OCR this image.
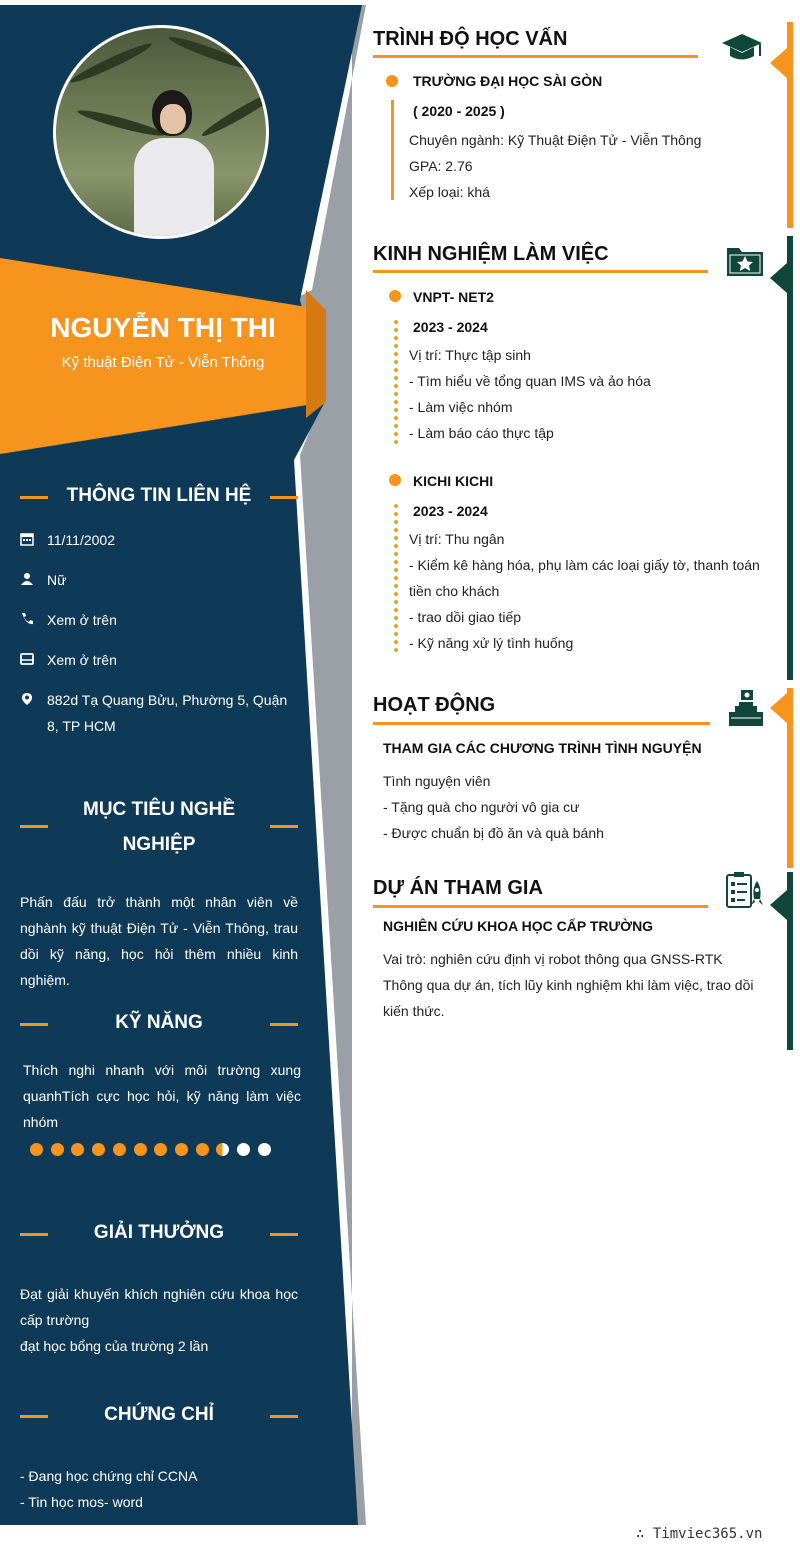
NGUYỄN THỊ THI
Kỹ thuật Điện Tử - Viễn Thông
THÔNG TIN LIÊN HỆ
11/11/2002
Nữ
Xem ở trên
Xem ở trên
882d Tạ Quang Bửu, Phường 5, Quận 8, TP HCM
MỤC TIÊU NGHỀ
NGHIỆP
Phấn đấu trở thành một nhân viên về nghành kỹ thuật Điện Tử - Viễn Thông, trau dồi kỹ năng, học hỏi thêm nhiều kinh nghiệm.
KỸ NĂNG
Thích nghi nhanh với môi trường xung quanhTích cực học hỏi, kỹ năng làm việc nhóm
GIẢI THƯỞNG
Đạt giải khuyến khích nghiên cứu khoa học cấp trường
đạt học bổng của trường 2 lần
CHỨNG CHỈ
- Đang học chứng chỉ CCNA
- Tin học mos- word
TRÌNH ĐỘ HỌC VẤN
TRƯỜNG ĐẠI HỌC SÀI GÒN
( 2020 - 2025 )
Chuyên ngành: Kỹ Thuật Điện Tử - Viễn Thông
GPA: 2.76
Xếp loại: khá
KINH NGHIỆM LÀM VIỆC
VNPT- NET2
2023 - 2024
Vị trí: Thực tập sinh
- Tìm hiểu về tổng quan IMS và ảo hóa
- Làm việc nhóm
- Làm báo cáo thực tập
KICHI KICHI
2023 - 2024
Vị trí: Thu ngân
- Kiểm kê hàng hóa, phụ làm các loại giấy tờ, thanh toán
tiền cho khách
- trao dồi giao tiếp
- Kỹ năng xử lý tình huống
HOẠT ĐỘNG
THAM GIA CÁC CHƯƠNG TRÌNH TÌNH NGUYỆN
Tình nguyện viên
- Tặng quà cho người vô gia cư
- Được chuẩn bị đồ ăn và quà bánh
DỰ ÁN THAM GIA
NGHIÊN CỨU KHOA HỌC CẤP TRƯỜNG
Vai trò: nghiên cứu định vị robot thông qua GNSS-RTK
Thông qua dự án, tích lũy kinh nghiệm khi làm việc, trao dồi
kiến thức.
∴ Timviec365.vn
